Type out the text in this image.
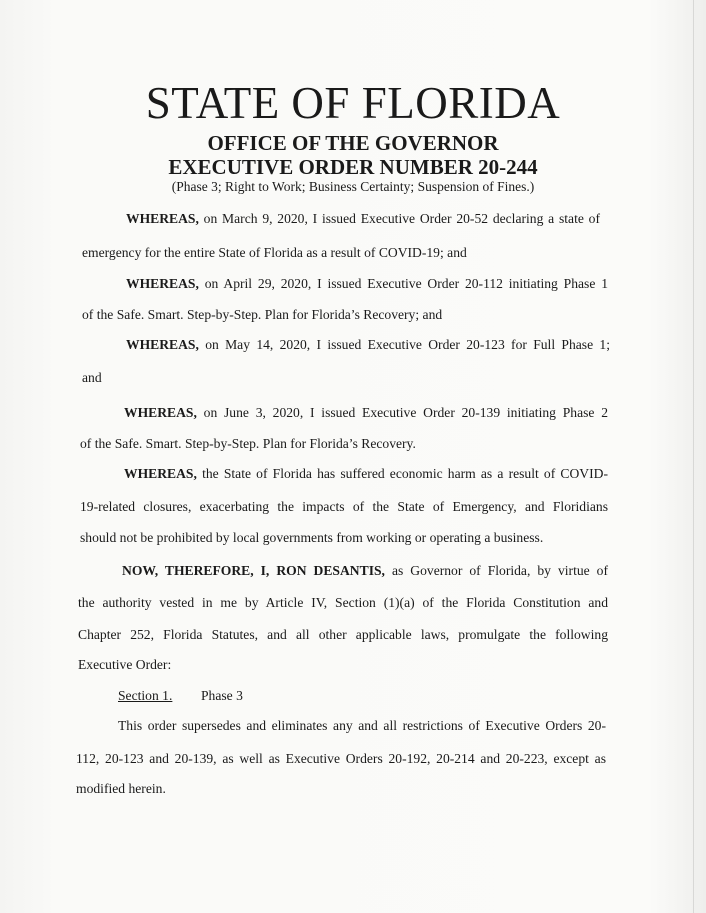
STATE OF FLORIDA
OFFICE OF THE GOVERNOR
EXECUTIVE ORDER NUMBER 20-244
(Phase 3; Right to Work; Business Certainty; Suspension of Fines.)
WHEREAS, on March 9, 2020, I issued Executive Order 20-52 declaring a state of
emergency for the entire State of Florida as a result of COVID-19; and
WHEREAS, on April 29, 2020, I issued Executive Order 20-112 initiating Phase 1
of the Safe. Smart. Step-by-Step. Plan for Florida’s Recovery; and
WHEREAS, on May 14, 2020, I issued Executive Order 20-123 for Full Phase 1;
and
WHEREAS, on June 3, 2020, I issued Executive Order 20-139 initiating Phase 2
of the Safe. Smart. Step-by-Step. Plan for Florida’s Recovery.
WHEREAS, the State of Florida has suffered economic harm as a result of COVID-
19-related closures, exacerbating the impacts of the State of Emergency, and Floridians
should not be prohibited by local governments from working or operating a business.
NOW, THEREFORE, I, RON DESANTIS, as Governor of Florida, by virtue of
the authority vested in me by Article IV, Section (1)(a) of the Florida Constitution and
Chapter 252, Florida Statutes, and all other applicable laws, promulgate the following
Executive Order:
Section 1. Phase 3
This order supersedes and eliminates any and all restrictions of Executive Orders 20-
112, 20-123 and 20-139, as well as Executive Orders 20-192, 20-214 and 20-223, except as
modified herein.
